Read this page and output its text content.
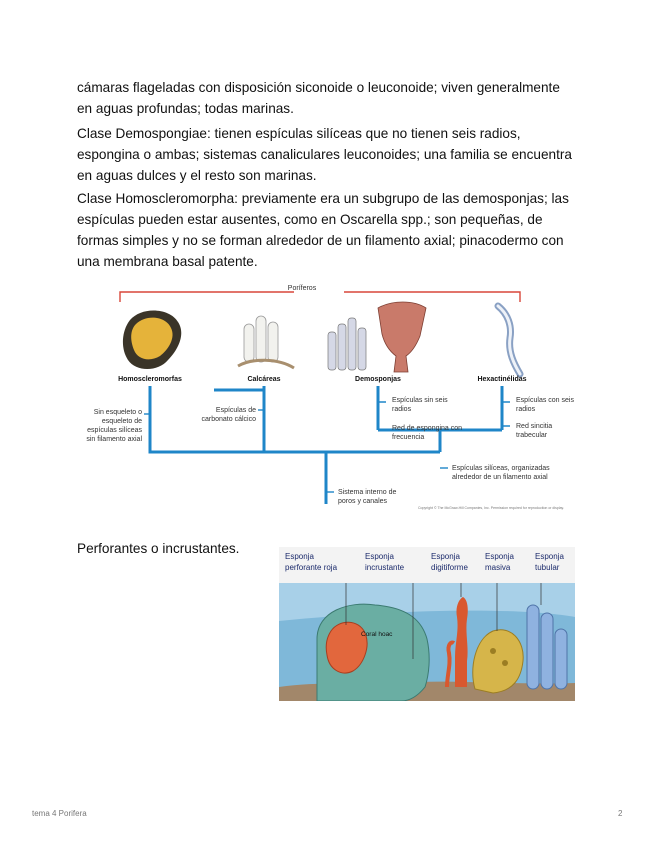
cámaras flageladas con disposición siconoide o leuconoide; viven generalmente en aguas profundas; todas marinas.

Clase Demospongiae: tienen espículas silíceas que no tienen seis radios, espongina o ambas; sistemas canaliculares leuconoides; una familia se encuentra en aguas dulces y el resto son marinas.

Clase Homoscleromorpha: previamente era un subgrupo de las demosponjas; las espículas pueden estar ausentes, como en Oscarella spp.; son pequeñas, de formas simples y no se forman alrededor de un filamento axial; pinacodermo con una membrana basal patente.

Perforantes o incrustantes.

Poríferos
Homoscleromorfas	Calcáreas	Demosponjas	Hexactinélidas
Sin esqueleto o esqueleto de espículas silíceas sin filamento axial
Espículas de carbonato cálcico
Espículas sin seis radios
Red de espongina con frecuencia
Espículas con seis radios
Red sincitia trabecular
Espículas silíceas, organizadas alrededor de un filamento axial
Sistema interno de poros y canales
Copyright © The McGraw-Hill Companies, Inc. Permission required for reproduction or display.
Esponja perforante roja
Esponja incrustante
Esponja digitiforme
Esponja masiva
Esponja tubular
Coral hoac
tema 4 Porifera	2
